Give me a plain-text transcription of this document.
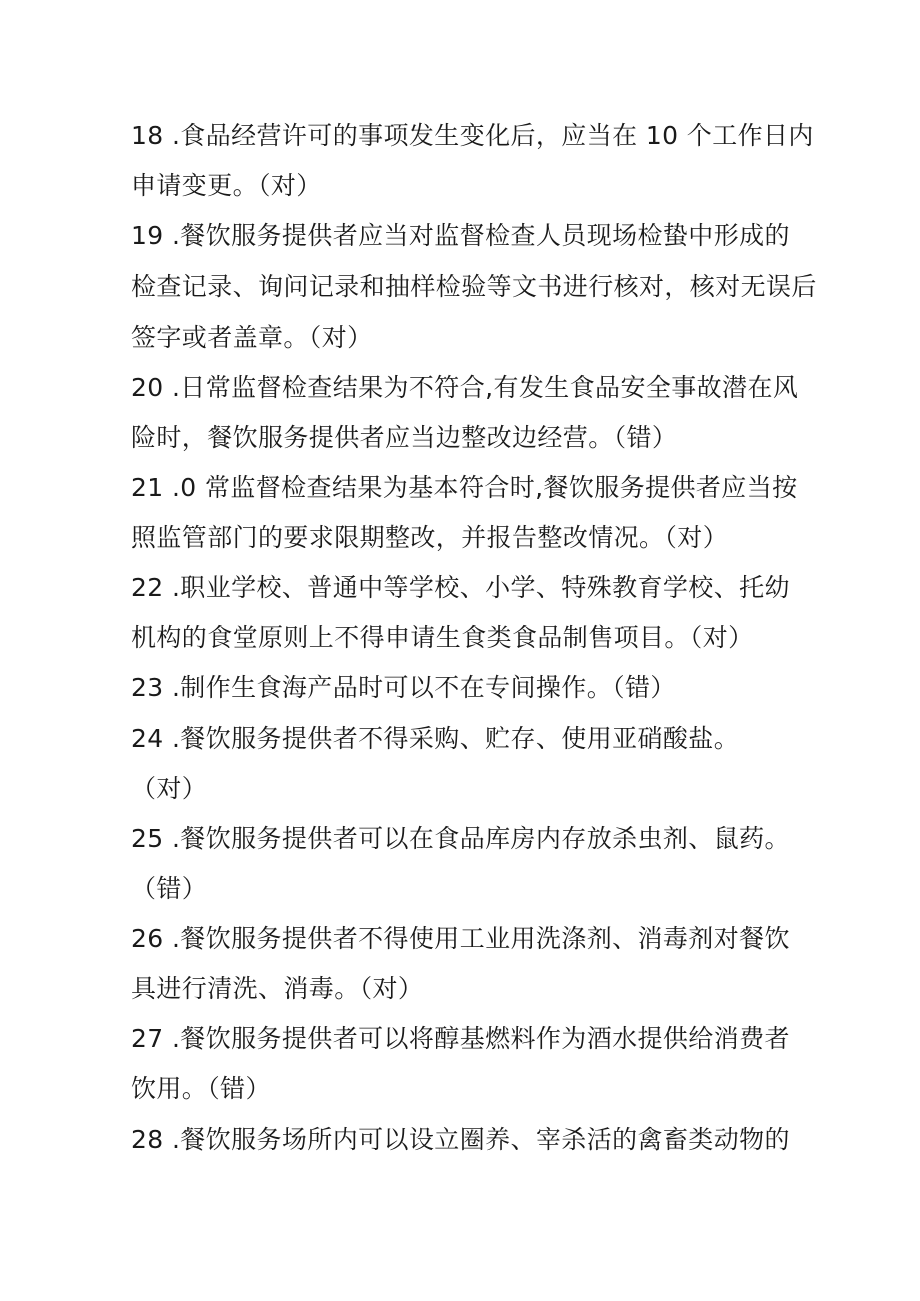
18 .食品经营许可的事项发生变化后，应当在 10 个工作日内
申请变更。（对）
19 .餐饮服务提供者应当对监督检查人员现场检蛰中形成的
检查记录、询问记录和抽样检验等文书进行核对，核对无误后
签字或者盖章。（对）
20 .日常监督检查结果为不符合,有发生食品安全事故潜在风
险时，餐饮服务提供者应当边整改边经营。（错）
21 .0 常监督检查结果为基本符合时,餐饮服务提供者应当按
照监管部门的要求限期整改，并报告整改情况。（对）
22 .职业学校、普通中等学校、小学、特殊教育学校、托幼
机构的食堂原则上不得申请生食类食品制售项目。（对）
23 .制作生食海产品时可以不在专间操作。（错）
24 .餐饮服务提供者不得采购、贮存、使用亚硝酸盐。
（对）
25 .餐饮服务提供者可以在食品库房内存放杀虫剂、鼠药。
（错）
26 .餐饮服务提供者不得使用工业用洗涤剂、消毒剂对餐饮
具进行清洗、消毒。（对）
27 .餐饮服务提供者可以将醇基燃料作为酒水提供给消费者
饮用。（错）
28 .餐饮服务场所内可以设立圈养、宰杀活的禽畜类动物的
